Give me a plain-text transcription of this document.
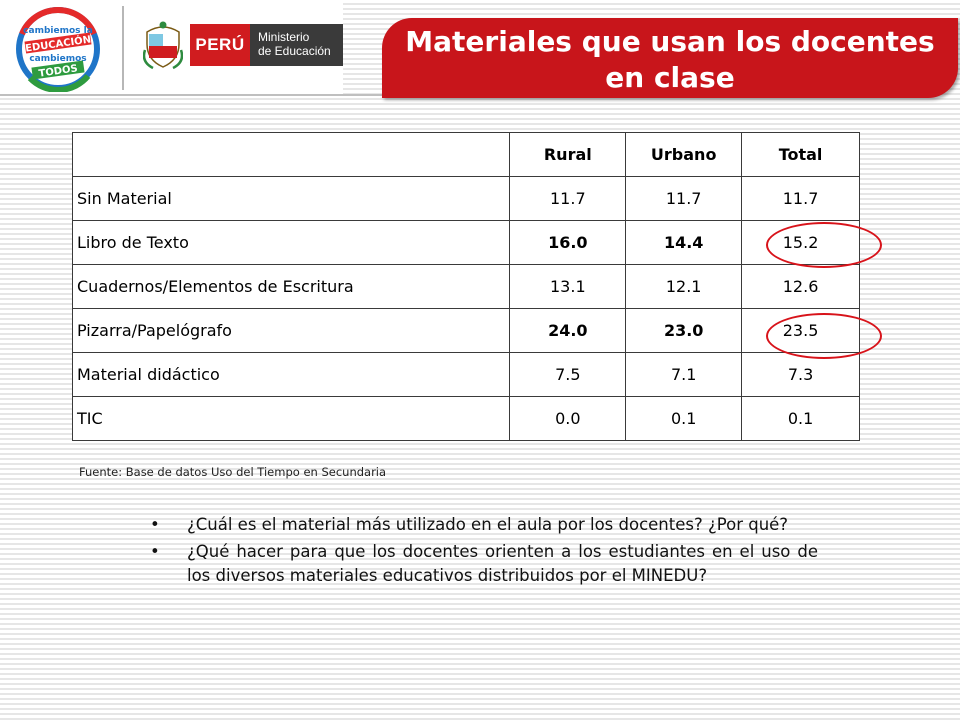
cambiemos la
EDUCACIÓN
cambiemos
TODOS
PERÚ Ministerio
de Educación	Materiales que usan los docentes en clase
	Rural	Urbano	Total
Sin Material	11.7	11.7	11.7
Libro de Texto	16.0	14.4	15.2
Cuadernos/Elementos de Escritura	13.1	12.1	12.6
Pizarra/Papelógrafo	24.0	23.0	23.5
Material didáctico	7.5	7.1	7.3
TIC	0.0	0.1	0.1
Fuente: Base de datos Uso del Tiempo en Secundaria
• ¿Cuál es el material más utilizado en el aula por los docentes? ¿Por qué?
• ¿Qué hacer para que los docentes orienten a los estudiantes en el uso de los diversos materiales educativos distribuidos por el MINEDU?
